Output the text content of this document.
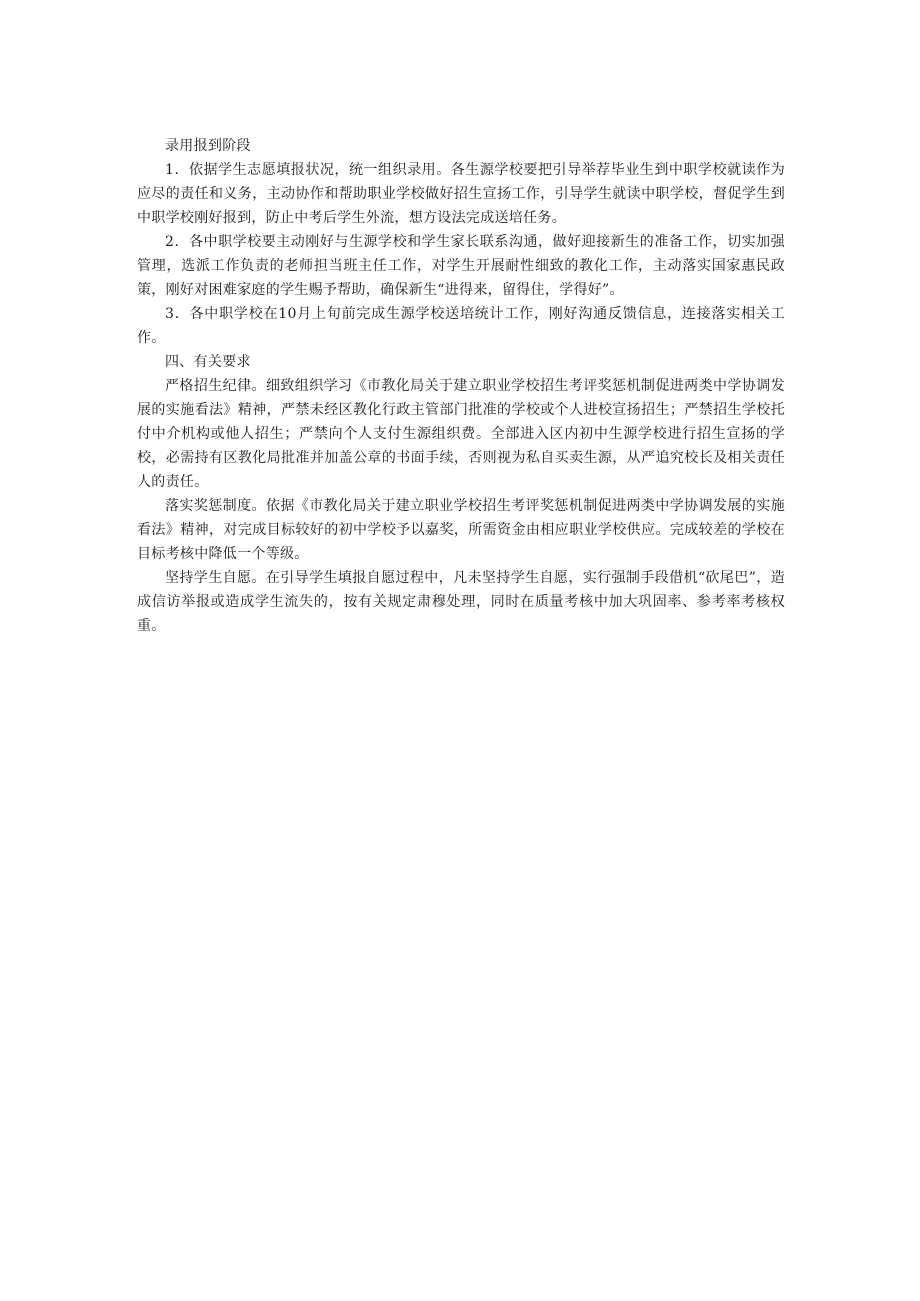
录用报到阶段

1．依据学生志愿填报状况，统一组织录用。各生源学校要把引导举荐毕业生到中职学校就读作为应尽的责任和义务，主动协作和帮助职业学校做好招生宣扬工作，引导学生就读中职学校，督促学生到中职学校刚好报到，防止中考后学生外流，想方设法完成送培任务。

2．各中职学校要主动刚好与生源学校和学生家长联系沟通，做好迎接新生的准备工作，切实加强管理，选派工作负责的老师担当班主任工作，对学生开展耐性细致的教化工作，主动落实国家惠民政策，刚好对困难家庭的学生赐予帮助，确保新生“进得来，留得住，学得好”。

3．各中职学校在10月上旬前完成生源学校送培统计工作，刚好沟通反馈信息，连接落实相关工作。

四、有关要求

严格招生纪律。细致组织学习《市教化局关于建立职业学校招生考评奖惩机制促进两类中学协调发展的实施看法》精神，严禁未经区教化行政主管部门批准的学校或个人进校宣扬招生；严禁招生学校托付中介机构或他人招生；严禁向个人支付生源组织费。全部进入区内初中生源学校进行招生宣扬的学校，必需持有区教化局批准并加盖公章的书面手续，否则视为私自买卖生源，从严追究校长及相关责任人的责任。

落实奖惩制度。依据《市教化局关于建立职业学校招生考评奖惩机制促进两类中学协调发展的实施看法》精神，对完成目标较好的初中学校予以嘉奖，所需资金由相应职业学校供应。完成较差的学校在目标考核中降低一个等级。

坚持学生自愿。在引导学生填报自愿过程中，凡未坚持学生自愿，实行强制手段借机“砍尾巴”，造成信访举报或造成学生流失的，按有关规定肃穆处理，同时在质量考核中加大巩固率、参考率考核权重。
